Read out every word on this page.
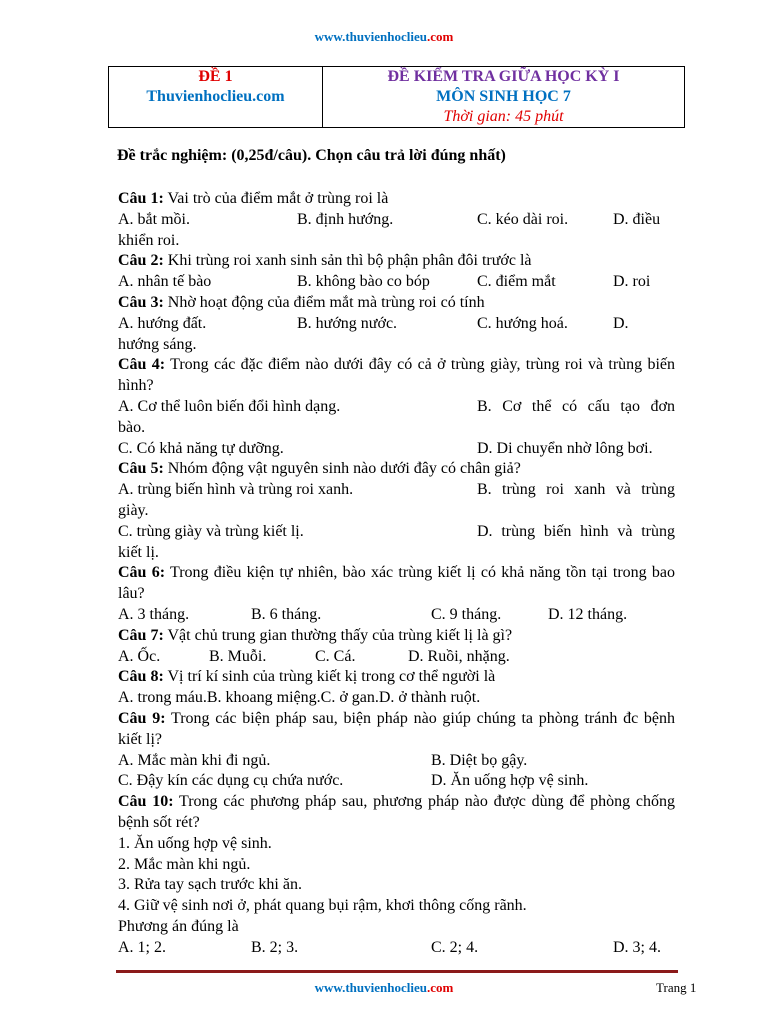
www.thuvienhoclieu.com
ĐỀ 1
Thuvienhoclieu.com

ĐỀ KIỂM TRA GIỮA HỌC KỲ I
MÔN SINH HỌC 7
Thời gian: 45 phút
Đề trắc nghiệm: (0,25đ/câu). Chọn câu trả lời đúng nhất)

Câu 1: Vai trò của điểm mắt ở trùng roi là

A. bắt mồi.	B. định hướng.	C. kéo dài roi.	D. điều

khiển roi.

Câu 2: Khi trùng roi xanh sinh sản thì bộ phận phân đôi trước là

A. nhân tế bào	B. không bào co bóp	C. điểm mắt	D. roi

Câu 3: Nhờ hoạt động của điểm mắt mà trùng roi có tính

A. hướng đất.	B. hướng nước.	C. hướng hoá.	D.

hướng sáng.

Câu 4: Trong các đặc điểm nào dưới đây có cả ở trùng giày, trùng roi và trùng biến hình?

A. Cơ thể luôn biến đổi hình dạng.	B. Cơ thể có cấu tạo đơn

bào.

C. Có khả năng tự dưỡng.	D. Di chuyển nhờ lông bơi.

Câu 5: Nhóm động vật nguyên sinh nào dưới đây có chân giả?

A. trùng biến hình và trùng roi xanh.	B. trùng roi xanh và trùng

giày.

C. trùng giày và trùng kiết lị.	D. trùng biến hình và trùng

kiết lị.

Câu 6: Trong điều kiện tự nhiên, bào xác trùng kiết lị có khả năng tồn tại trong bao lâu?

A. 3 tháng.	B. 6 tháng.	C. 9 tháng.	D. 12 tháng.

Câu 7: Vật chủ trung gian thường thấy của trùng kiết lị là gì?

A. Ốc.	B. Muỗi.	C. Cá.	D. Ruồi, nhặng.

Câu 8: Vị trí kí sinh của trùng kiết kị trong cơ thể người là

A. trong máu.B. khoang miệng.C. ở gan.D. ở thành ruột.

Câu 9: Trong các biện pháp sau, biện pháp nào giúp chúng ta phòng tránh đc bệnh kiết lị?

A. Mắc màn khi đi ngủ.	B. Diệt bọ gậy.
C. Đậy kín các dụng cụ chứa nước.	D. Ăn uống hợp vệ sinh.

Câu 10: Trong các phương pháp sau, phương pháp nào được dùng để phòng chống bệnh sốt rét?

1. Ăn uống hợp vệ sinh.

2. Mắc màn khi ngủ.

3. Rửa tay sạch trước khi ăn.

4. Giữ vệ sinh nơi ở, phát quang bụi rậm, khơi thông cống rãnh.

Phương án đúng là

A. 1; 2.	B. 2; 3.	C. 2; 4.	D. 3; 4.
www.thuvienhoclieu.com	Trang 1
